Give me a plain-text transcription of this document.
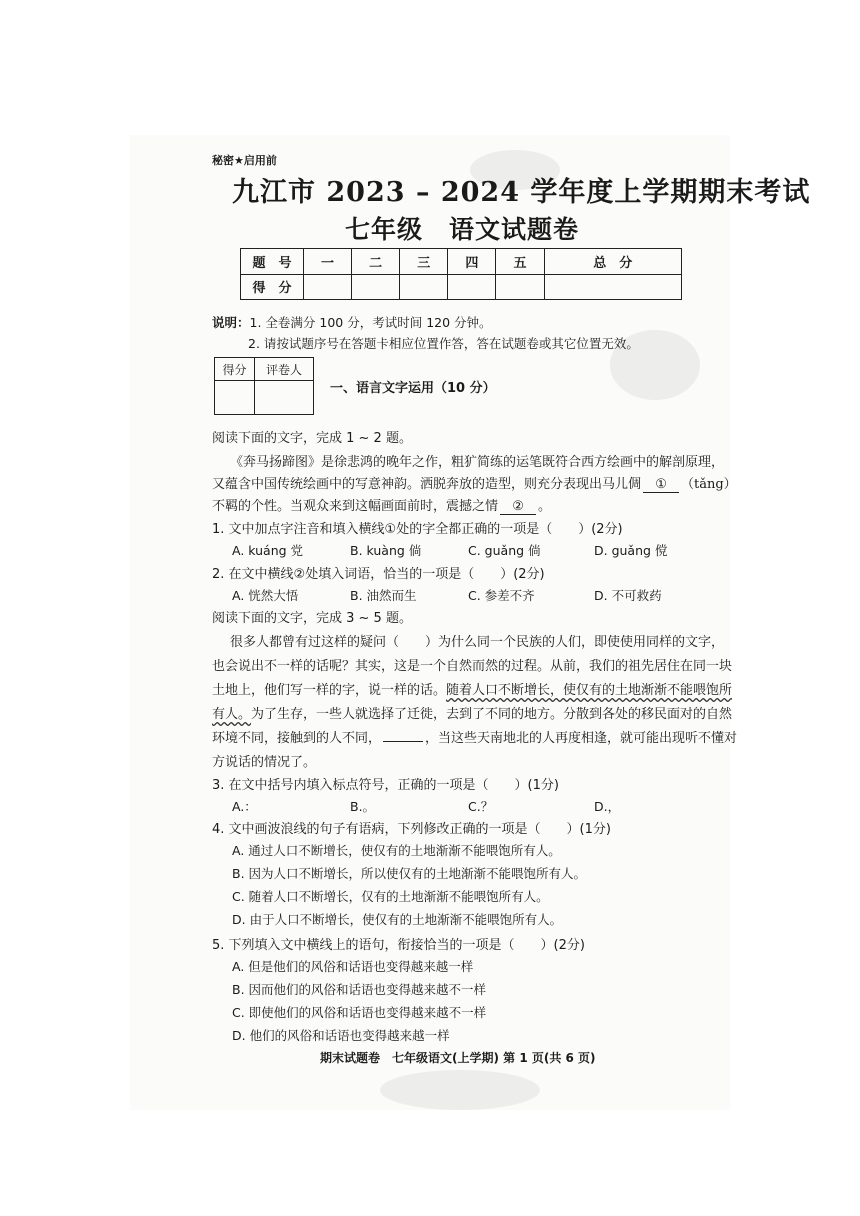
秘密★启用前
九江市 2023 – 2024 学年度上学期期末考试
七年级　语文试题卷
题　号	一	二	三	四	五	总　分
得　分						
说明：1. 全卷满分 100 分，考试时间 120 分钟。
2. 请按试题序号在答题卡相应位置作答，答在试题卷或其它位置无效。
得分	评卷人

一、语言文字运用（10 分）
阅读下面的文字，完成 1 ~ 2 题。
《奔马扬蹄图》是徐悲鸿的晚年之作，粗犷简练的运笔既符合西方绘画中的解剖原理，
又蕴含中国传统绘画中的写意神韵。洒脱奔放的造型，则充分表现出马儿倜 ① （tǎng）
不羁的个性。当观众来到这幅画面前时，震撼之情 ② 。
1. 文中加点字注音和填入横线①处的字全都正确的一项是（　　）(2分)
A. kuáng 党	B. kuàng 倘	C. guǎng 倘	D. guǎng 傥
2. 在文中横线②处填入词语，恰当的一项是（　　）(2分)
A. 恍然大悟	B. 油然而生	C. 参差不齐	D. 不可救药
阅读下面的文字，完成 3 ~ 5 题。
很多人都曾有过这样的疑问（　　）为什么同一个民族的人们，即使使用同样的文字，
也会说出不一样的话呢？其实，这是一个自然而然的过程。从前，我们的祖先居住在同一块
土地上，他们写一样的字，说一样的话。随着人口不断增长，使仅有的土地渐渐不能喂饱所
有人。为了生存，一些人就选择了迁徙，去到了不同的地方。分散到各处的移民面对的自然
环境不同，接触到的人不同，	，当这些天南地北的人再度相逢，就可能出现听不懂对
方说话的情况了。
3. 在文中括号内填入标点符号，正确的一项是（　　）(1分)
A.：	B.。	C.？	D.，
4. 文中画波浪线的句子有语病，下列修改正确的一项是（　　）(1分)
A. 通过人口不断增长，使仅有的土地渐渐不能喂饱所有人。
B. 因为人口不断增长，所以使仅有的土地渐渐不能喂饱所有人。
C. 随着人口不断增长，仅有的土地渐渐不能喂饱所有人。
D. 由于人口不断增长，使仅有的土地渐渐不能喂饱所有人。
5. 下列填入文中横线上的语句，衔接恰当的一项是（　　）(2分)
A. 但是他们的风俗和话语也变得越来越一样
B. 因而他们的风俗和话语也变得越来越不一样
C. 即使他们的风俗和话语也变得越来越不一样
D. 他们的风俗和话语也变得越来越一样
期末试题卷　七年级语文(上学期) 第 1 页(共 6 页)
